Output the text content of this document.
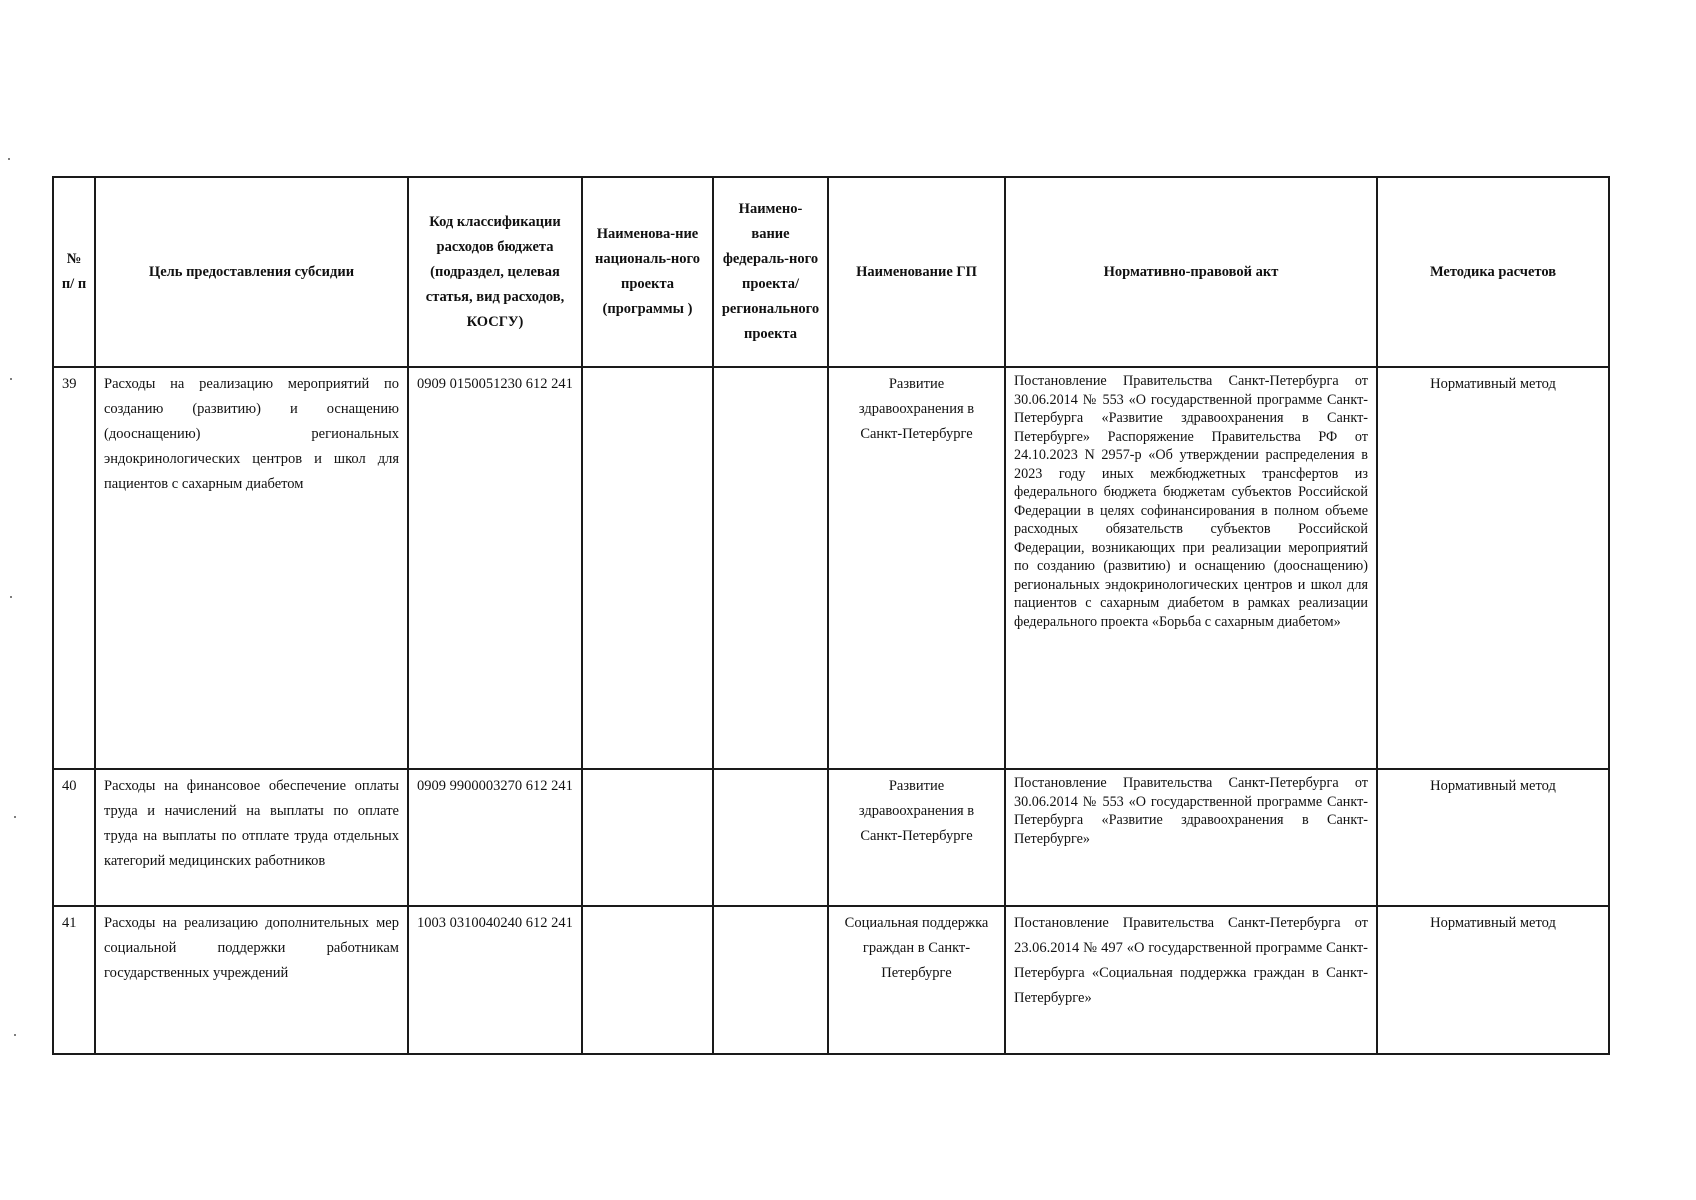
№ п/ п	Цель предоставления субсидии	Код классификации расходов бюджета (подраздел, целевая статья, вид расходов, КОСГУ)	Наименова-ние националь-ного проекта (программы )	Наимено-вание федераль-ного проекта/ регионального проекта	Наименование ГП	Нормативно-правовой акт	Методика расчетов
39	Расходы на реализацию мероприятий по созданию (развитию) и оснащению (дооснащению) региональных эндокринологических центров и школ для пациентов с сахарным диабетом	0909 0150051230 612 241			Развитие здравоохранения в Санкт-Петербурге	Постановление Правительства Санкт-Петербурга от 30.06.2014 № 553 «О государственной программе Санкт-Петербурга «Развитие здравоохранения в Санкт-Петербурге» Распоряжение Правительства РФ от 24.10.2023 N 2957-р «Об утверждении распределения в 2023 году иных межбюджетных трансфертов из федерального бюджета бюджетам субъектов Российской Федерации в целях софинансирования в полном объеме расходных обязательств субъектов Российской Федерации, возникающих при реализации мероприятий по созданию (развитию) и оснащению (дооснащению) региональных эндокринологических центров и школ для пациентов с сахарным диабетом в рамках реализации федерального проекта «Борьба с сахарным диабетом»	Нормативный метод
40	Расходы на финансовое обеспечение оплаты труда и начислений на выплаты по оплате труда на выплаты по отплате труда отдельных категорий медицинских работников	0909 9900003270 612 241			Развитие здравоохранения в Санкт-Петербурге	Постановление Правительства Санкт-Петербурга от 30.06.2014 № 553 «О государственной программе Санкт-Петербурга «Развитие здравоохранения в Санкт-Петербурге»	Нормативный метод
41	Расходы на реализацию дополнительных мер социальной поддержки работникам государственных учреждений	1003 0310040240 612 241			Социальная поддержка граждан в Санкт-Петербурге	Постановление Правительства Санкт-Петербурга от 23.06.2014 № 497 «О государственной программе Санкт-Петербурга «Социальная поддержка граждан в Санкт-Петербурге»	Нормативный метод
